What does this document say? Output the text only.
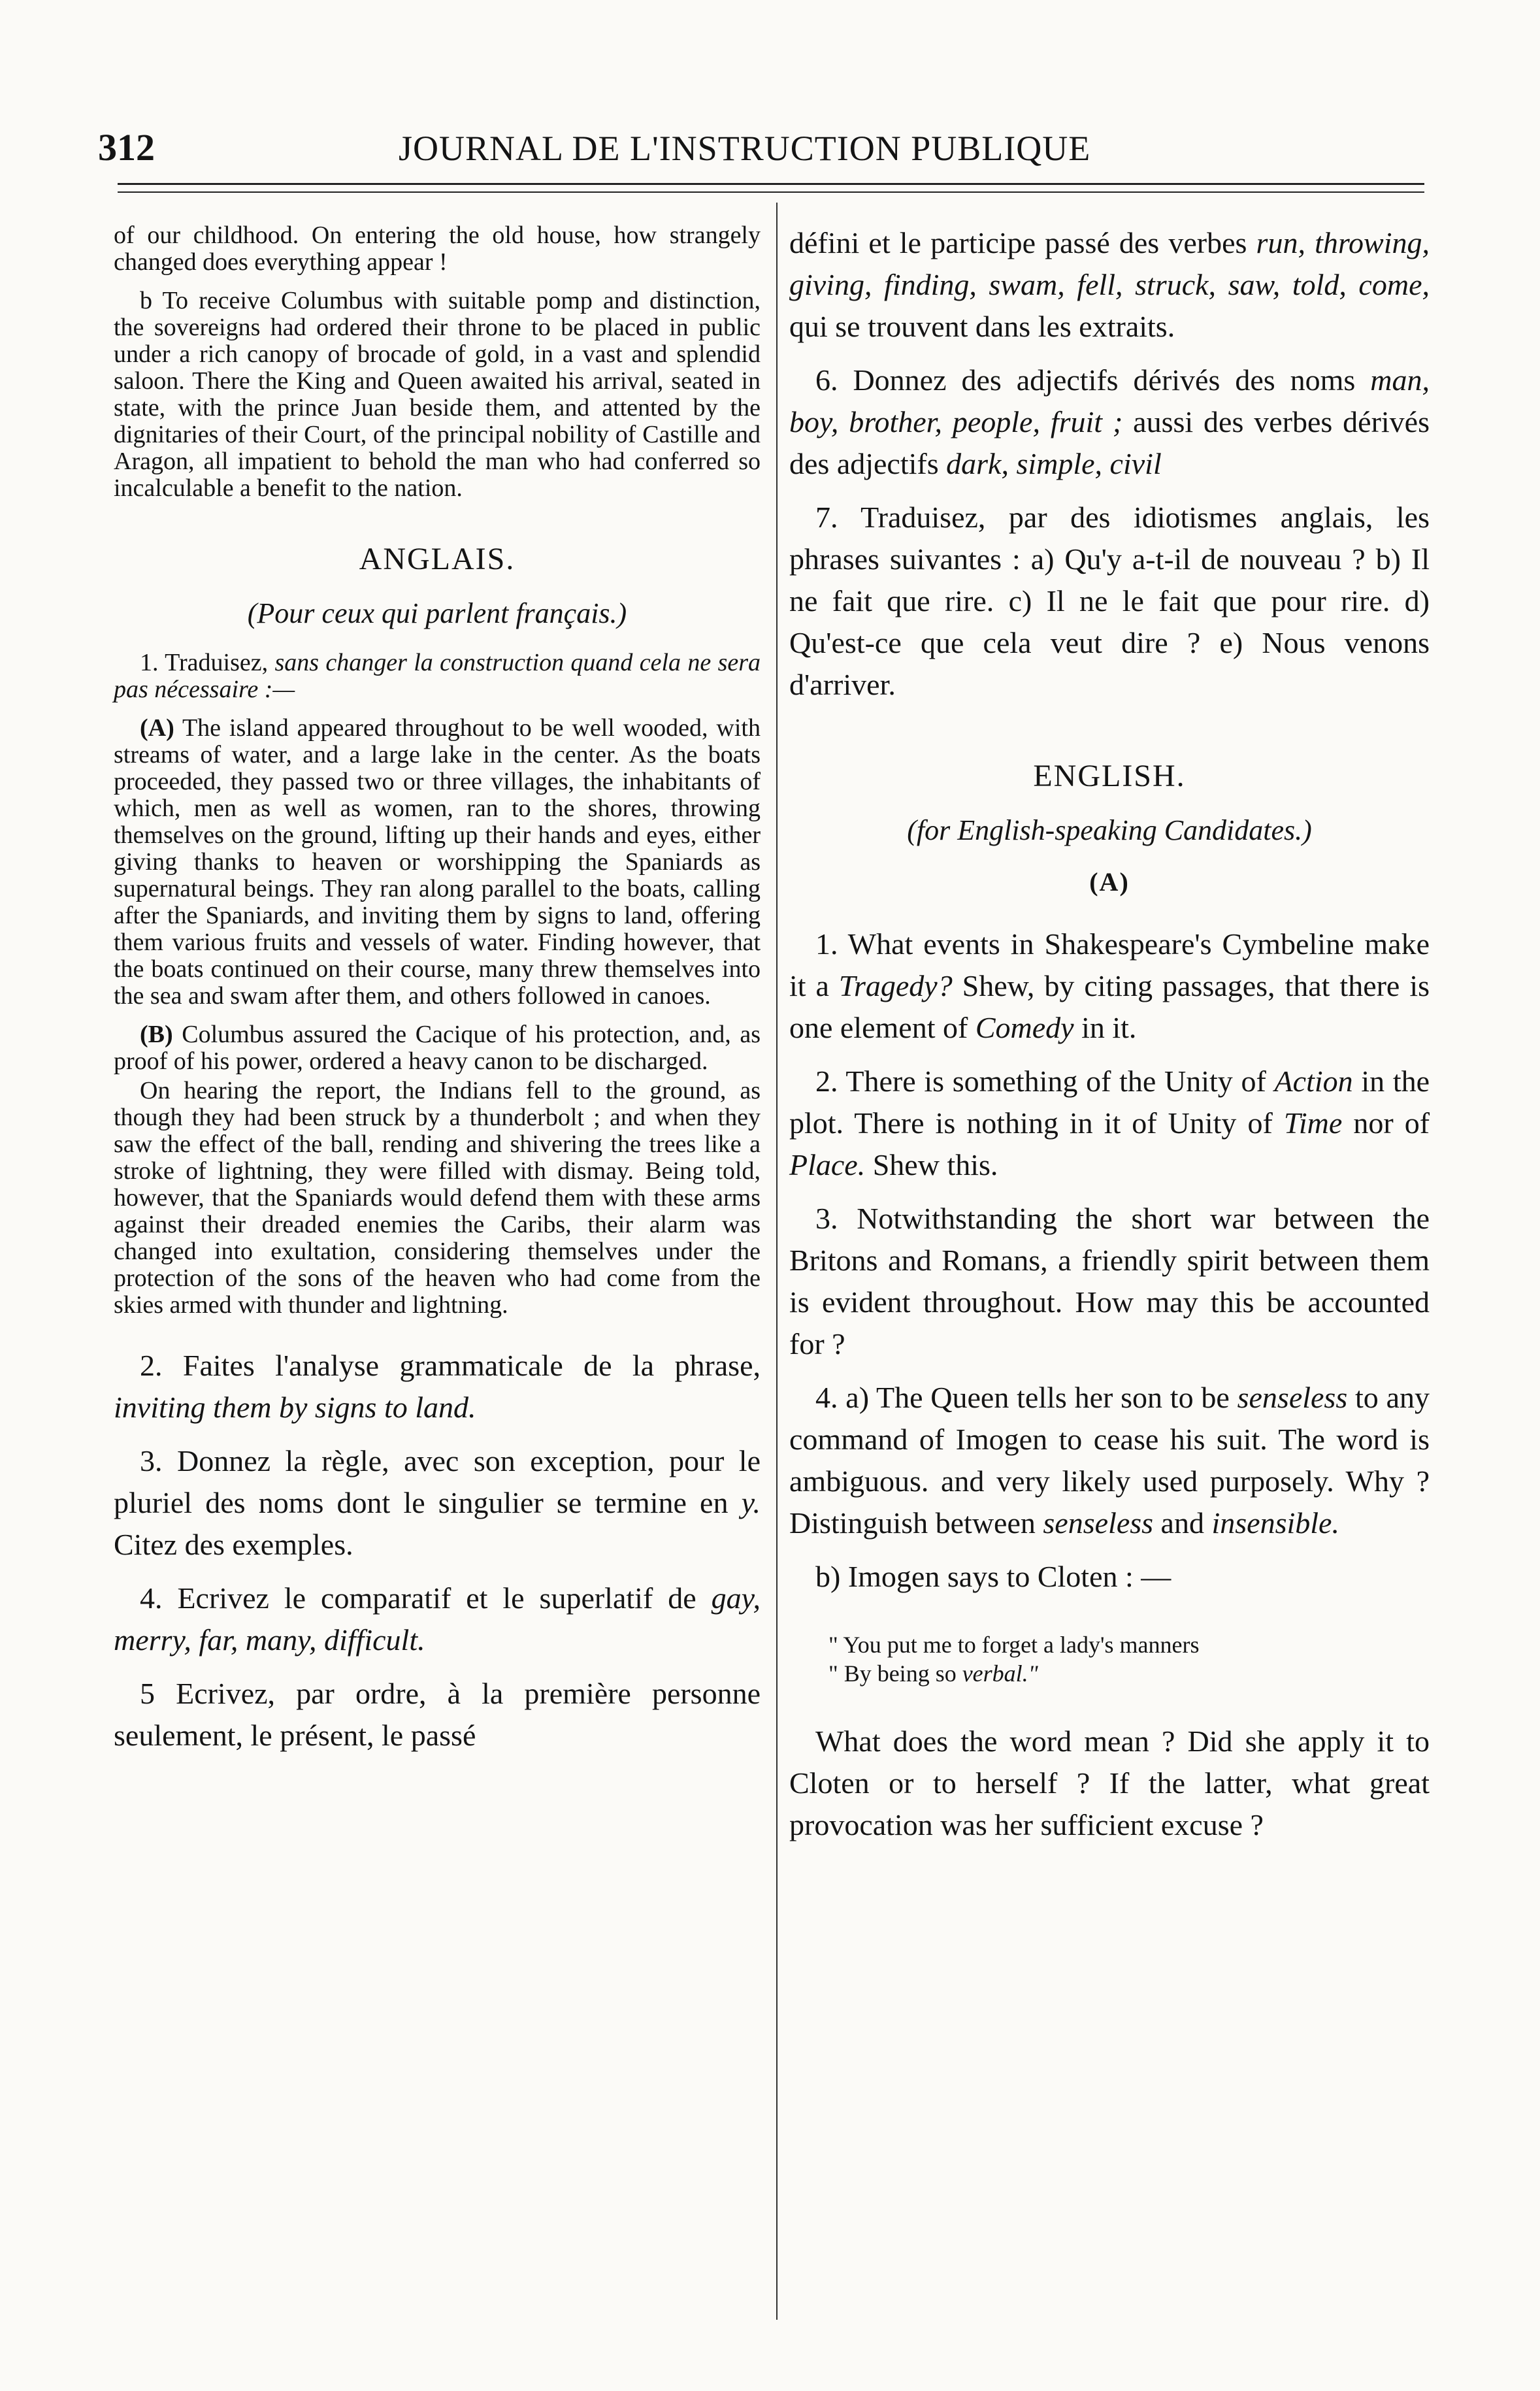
312	JOURNAL DE L'INSTRUCTION PUBLIQUE

of our childhood. On entering the old house, how strangely changed does everything appear !

b To receive Columbus with suitable pomp and distinction, the sovereigns had ordered their throne to be placed in public under a rich canopy of brocade of gold, in a vast and splendid saloon. There the King and Queen awaited his arrival, seated in state, with the prince Juan beside them, and attented by the dignitaries of their Court, of the principal nobility of Castille and Aragon, all impatient to behold the man who had conferred so incalculable a benefit to the nation.

ANGLAIS.
(Pour ceux qui parlent français.)

1. Traduisez, sans changer la construction quand cela ne sera pas nécessaire :—

(A) The island appeared throughout to be well wooded, with streams of water, and a large lake in the center. As the boats proceeded, they passed two or three villages, the inhabitants of which, men as well as women, ran to the shores, throwing themselves on the ground, lifting up their hands and eyes, either giving thanks to heaven or worshipping the Spaniards as supernatural beings. They ran along parallel to the boats, calling after the Spaniards, and inviting them by signs to land, offering them various fruits and vessels of water. Finding however, that the boats continued on their course, many threw themselves into the sea and swam after them, and others followed in canoes.

(B) Columbus assured the Cacique of his protection, and, as proof of his power, ordered a heavy canon to be discharged.

On hearing the report, the Indians fell to the ground, as though they had been struck by a thunderbolt ; and when they saw the effect of the ball, rending and shivering the trees like a stroke of lightning, they were filled with dismay. Being told, however, that the Spaniards would defend them with these arms against their dreaded enemies the Caribs, their alarm was changed into exultation, considering themselves under the protection of the sons of the heaven who had come from the skies armed with thunder and lightning.

2. Faites l'analyse grammaticale de la phrase, inviting them by signs to land.

3. Donnez la règle, avec son exception, pour le pluriel des noms dont le singulier se termine en y. Citez des exemples.

4. Ecrivez le comparatif et le superlatif de gay, merry, far, many, difficult.

5 Ecrivez, par ordre, à la première personne seulement, le présent, le passé

défini et le participe passé des verbes run, throwing, giving, finding, swam, fell, struck, saw, told, come, qui se trouvent dans les extraits.

6. Donnez des adjectifs dérivés des noms man, boy, brother, people, fruit ; aussi des verbes dérivés des adjectifs dark, simple, civil

7. Traduisez, par des idiotismes anglais, les phrases suivantes : a) Qu'y a-t-il de nouveau ? b) Il ne fait que rire. c) Il ne le fait que pour rire. d) Qu'est-ce que cela veut dire ? e) Nous venons d'arriver.

ENGLISH.
(for English-speaking Candidates.)
(A)

1. What events in Shakespeare's Cymbeline make it a Tragedy? Shew, by citing passages, that there is one element of Comedy in it.

2. There is something of the Unity of Action in the plot. There is nothing in it of Unity of Time nor of Place. Shew this.

3. Notwithstanding the short war between the Britons and Romans, a friendly spirit between them is evident throughout. How may this be accounted for ?

4. a) The Queen tells her son to be senseless to any command of Imogen to cease his suit. The word is ambiguous. and very likely used purposely. Why ? Distinguish between senseless and insensible.

b) Imogen says to Cloten : —

" You put me to forget a lady's manners
" By being so verbal."

What does the word mean ? Did she apply it to Cloten or to herself ? If the latter, what great provocation was her sufficient excuse ?
